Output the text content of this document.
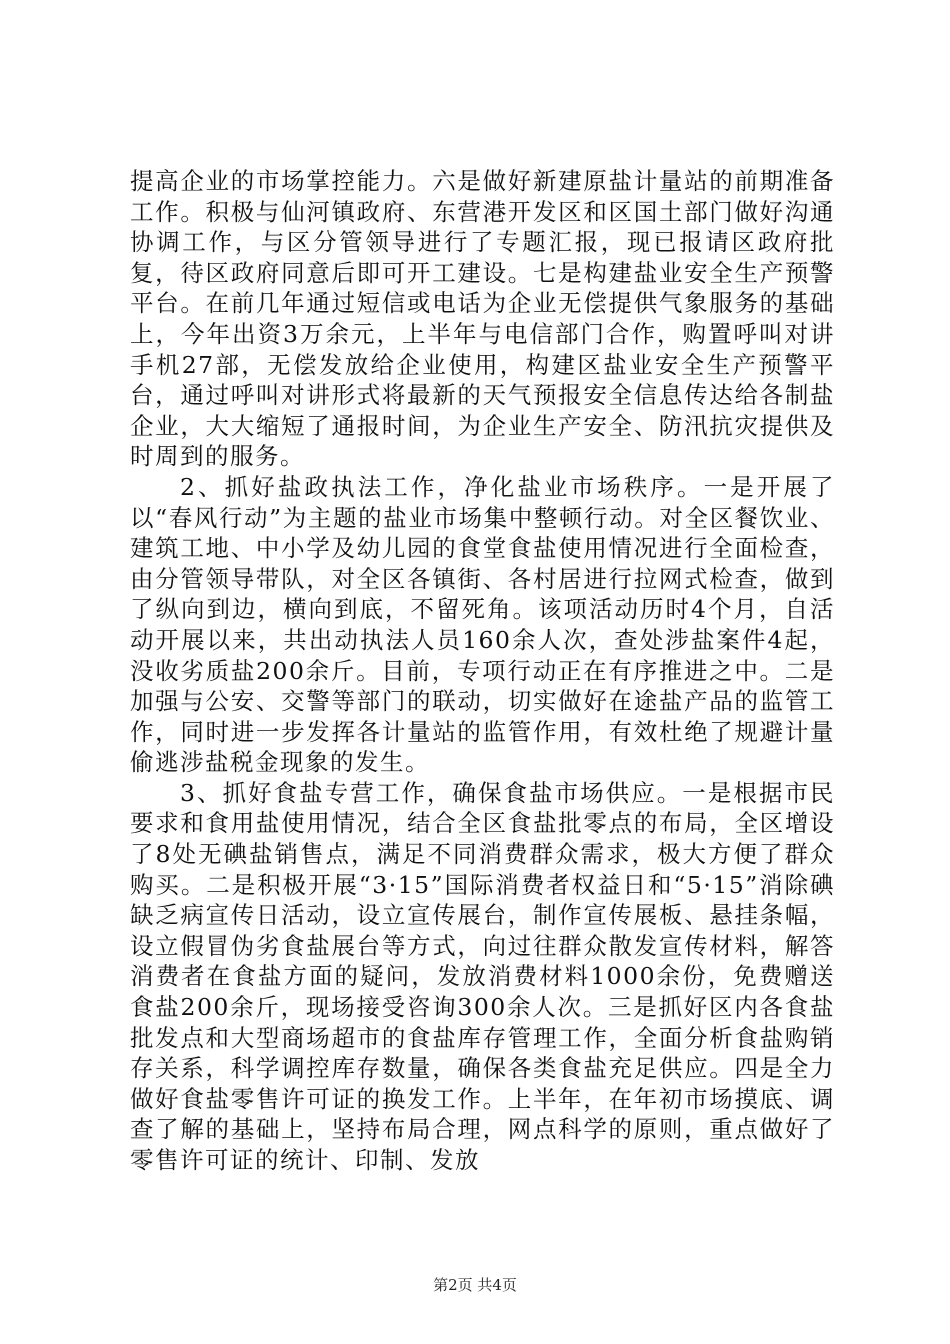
提高企业的市场掌控能力。六是做好新建原盐计量站的前期准备工作。积极与仙河镇政府、东营港开发区和区国土部门做好沟通协调工作，与区分管领导进行了专题汇报，现已报请区政府批复，待区政府同意后即可开工建设。七是构建盐业安全生产预警平台。在前几年通过短信或电话为企业无偿提供气象服务的基础上，今年出资3万余元，上半年与电信部门合作，购置呼叫对讲手机27部，无偿发放给企业使用，构建区盐业安全生产预警平台，通过呼叫对讲形式将最新的天气预报安全信息传达给各制盐企业，大大缩短了通报时间，为企业生产安全、防汛抗灾提供及时周到的服务。

2、抓好盐政执法工作，净化盐业市场秩序。一是开展了以“春风行动”为主题的盐业市场集中整顿行动。对全区餐饮业、建筑工地、中小学及幼儿园的食堂食盐使用情况进行全面检查，由分管领导带队，对全区各镇街、各村居进行拉网式检查，做到了纵向到边，横向到底，不留死角。该项活动历时4个月，自活动开展以来，共出动执法人员160余人次，查处涉盐案件4起，没收劣质盐200余斤。目前，专项行动正在有序推进之中。二是加强与公安、交警等部门的联动，切实做好在途盐产品的监管工作，同时进一步发挥各计量站的监管作用，有效杜绝了规避计量偷逃涉盐税金现象的发生。

3、抓好食盐专营工作，确保食盐市场供应。一是根据市民要求和食用盐使用情况，结合全区食盐批零点的布局，全区增设了8处无碘盐销售点，满足不同消费群众需求，极大方便了群众购买。二是积极开展“3·15”国际消费者权益日和“5·15”消除碘缺乏病宣传日活动，设立宣传展台，制作宣传展板、悬挂条幅，设立假冒伪劣食盐展台等方式，向过往群众散发宣传材料，解答消费者在食盐方面的疑问，发放消费材料1000余份，免费赠送食盐200余斤，现场接受咨询300余人次。三是抓好区内各食盐批发点和大型商场超市的食盐库存管理工作，全面分析食盐购销存关系，科学调控库存数量，确保各类食盐充足供应。四是全力做好食盐零售许可证的换发工作。上半年，在年初市场摸底、调查了解的基础上，坚持布局合理，网点科学的原则，重点做好了零售许可证的统计、印制、发放

第2页 共4页
